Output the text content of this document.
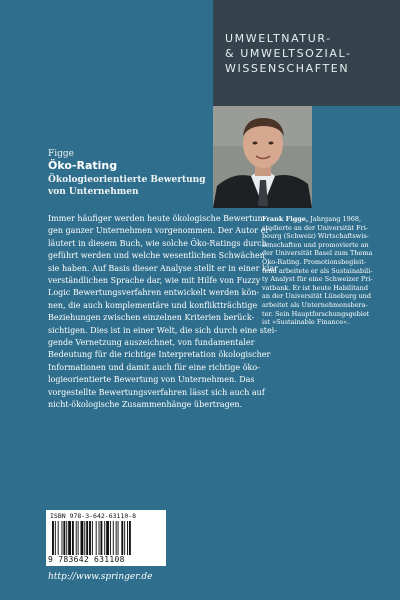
UMWELTNATUR-
& UMWELTSOZIAL-
WISSENSCHAFTEN
Figge
Öko-Rating
Ökologieorientierte Bewertung
von Unternehmen
Immer häufiger werden heute ökologische Bewertun-
gen ganzer Unternehmen vorgenommen. Der Autor er-
läutert in diesem Buch, wie solche Öko-Ratings durch-
geführt werden und welche wesentlichen Schwächen
sie haben. Auf Basis dieser Analyse stellt er in einer klar
verständlichen Sprache dar, wie mit Hilfe von Fuzzy
Logic Bewertungsverfahren entwickelt werden kön-
nen, die auch komplementäre und konfliktträchtige
Beziehungen zwischen einzelnen Kriterien berück-
sichtigen. Dies ist in einer Welt, die sich durch eine stei-
gende Vernetzung auszeichnet, von fundamentaler
Bedeutung für die richtige Interpretation ökologischer
Informationen und damit auch für eine richtige öko-
logieorientierte Bewertung von Unternehmen. Das
vorgestellte Bewertungsverfahren lässt sich auch auf
nicht-ökologische Zusammenhänge übertragen.
Frank Figge, Jahrgang 1968,
studierte an der Universität Fri-
bourg (Schweiz) Wirtschaftswis-
senschaften und promovierte an
der Universität Basel zum Thema
Öko-Rating. Promotionsbegleit-
tend arbeitete er als Sustainabili-
ty Analyst für eine Schweizer Pri-
vatbank. Er ist heute Habilitand
an der Universität Lüneburg und
arbeitet als Unternehmensbera-
ter. Sein Hauptforschungsgebiet
ist »Sustainable Finance«.
ISBN 978-3-642-63110-8
9 783642 631108
http://www.springer.de
